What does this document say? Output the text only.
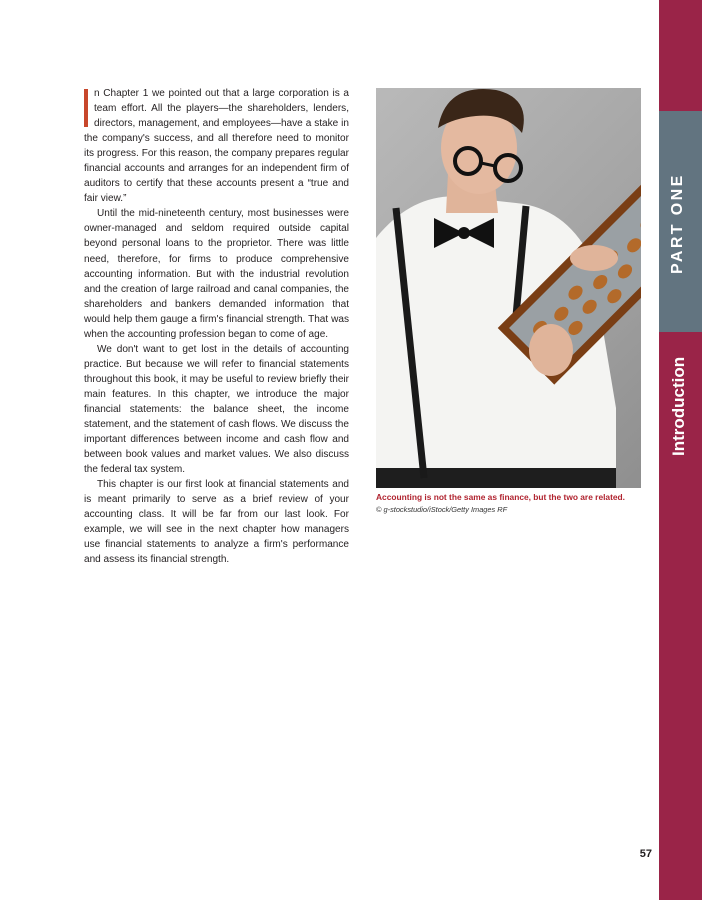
n Chapter 1 we pointed out that a large corporation is a team effort. All the players—the shareholders, lenders, directors, management, and employees—have a stake in the company's success, and all therefore need to monitor its progress. For this reason, the company prepares regular financial accounts and arranges for an independent firm of auditors to certify that these accounts present a “true and fair view.”

Until the mid-nineteenth century, most businesses were owner-managed and seldom required outside capital beyond personal loans to the proprietor. There was little need, therefore, for firms to produce comprehensive accounting information. But with the industrial revolution and the creation of large railroad and canal companies, the shareholders and bankers demanded information that would help them gauge a firm's financial strength. That was when the accounting profession began to come of age.

We don't want to get lost in the details of accounting practice. But because we will refer to financial statements throughout this book, it may be useful to review briefly their main features. In this chapter, we introduce the major financial statements: the balance sheet, the income statement, and the statement of cash flows. We discuss the important differences between income and cash flow and between book values and market values. We also discuss the federal tax system.

This chapter is our first look at financial statements and is meant primarily to serve as a brief review of your accounting class. It will be far from our last look. For example, we will see in the next chapter how managers use financial statements to analyze a firm's performance and assess its financial strength.

Accounting is not the same as finance, but the two are related.
© g-stockstudio/iStock/Getty Images RF
57
PART ONE
Introduction
